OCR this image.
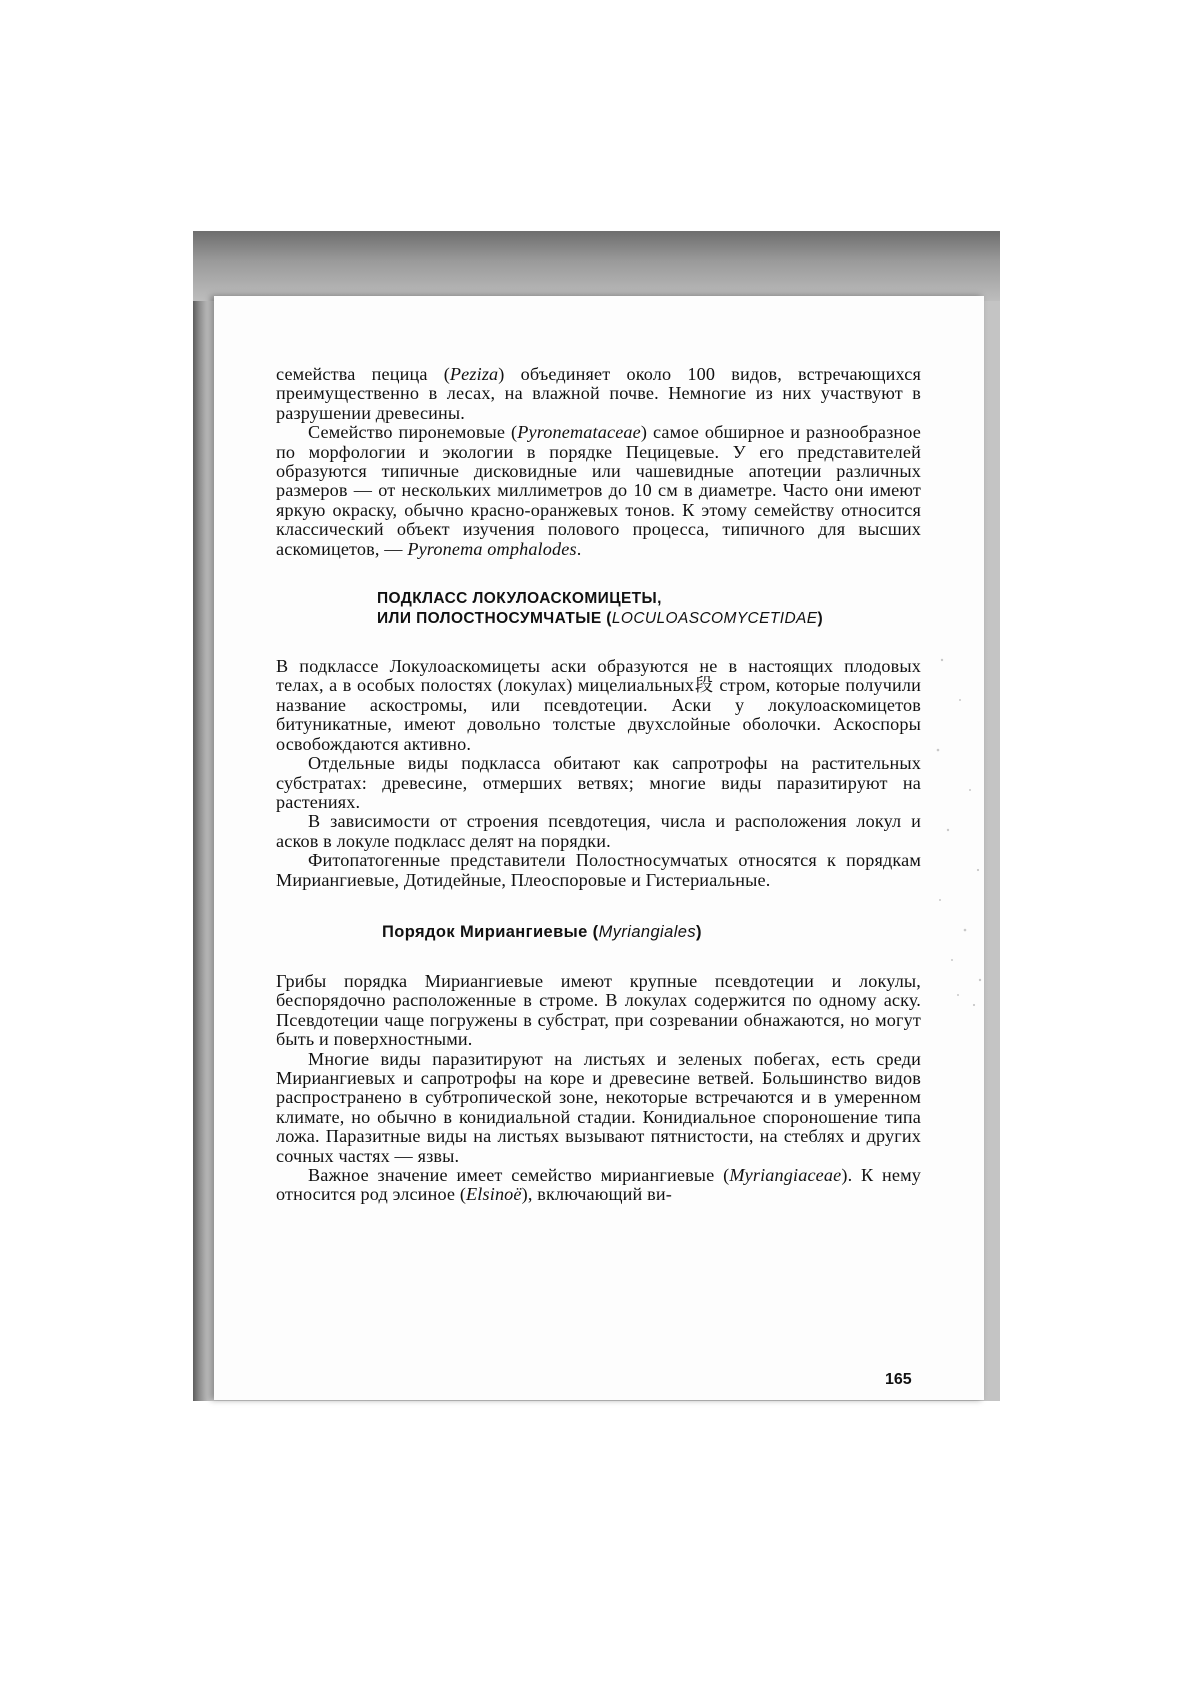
семейства пецица (Peziza) объединяет около 100 видов, встречающихся преимущественно в лесах, на влажной почве. Немногие из них участвуют в разрушении древесины.

Семейство пиронемовые (Pyronemataceae) самое обширное и разнообразное по морфологии и экологии в порядке Пецицевые. У его представителей образуются типичные дисковидные или чашевидные апотеции различных размеров — от нескольких миллиметров до 10 см в диаметре. Часто они имеют яркую окраску, обычно красно-оранжевых тонов. К этому семейству относится классический объект изучения полового процесса, типичного для высших аскомицетов, — Pyronema omphalodes.

ПОДКЛАСС ЛОКУЛОАСКОМИЦЕТЫ,
ИЛИ ПОЛОСТНОСУМЧАТЫЕ (LOCULOASCOMYCETIDAE)

В подклассе Локулоаскомицеты аски образуются не в настоящих плодовых телах, а в особых полостях (локулах) мицелиальных段 стром, которые получили название аскостромы, или псевдотеции. Аски у локулоаскомицетов битуникатные, имеют довольно толстые двухслойные оболочки. Аскоспоры освобождаются активно.

Отдельные виды подкласса обитают как сапротрофы на растительных субстратах: древесине, отмерших ветвях; многие виды паразитируют на растениях.

В зависимости от строения псевдотеция, числа и расположения локул и асков в локуле подкласс делят на порядки.

Фитопатогенные представители Полостносумчатых относятся к порядкам Мириангиевые, Дотидейные, Плеоспоровые и Гистериальные.

Порядок Мириангиевые (Myriangiales)

Грибы порядка Мириангиевые имеют крупные псевдотеции и локулы, беспорядочно расположенные в строме. В локулах содержится по одному аску. Псевдотеции чаще погружены в субстрат, при созревании обнажаются, но могут быть и поверхностными.

Многие виды паразитируют на листьях и зеленых побегах, есть среди Мириангиевых и сапротрофы на коре и древесине ветвей. Большинство видов распространено в субтропической зоне, некоторые встречаются и в умеренном климате, но обычно в конидиальной стадии. Конидиальное спороношение типа ложа. Паразитные виды на листьях вызывают пятнистости, на стеблях и других сочных частях — язвы.

Важное значение имеет семейство мириангиевые (Myriangiaceae). К нему относится род элсиное (Elsinoë), включающий ви-

165
